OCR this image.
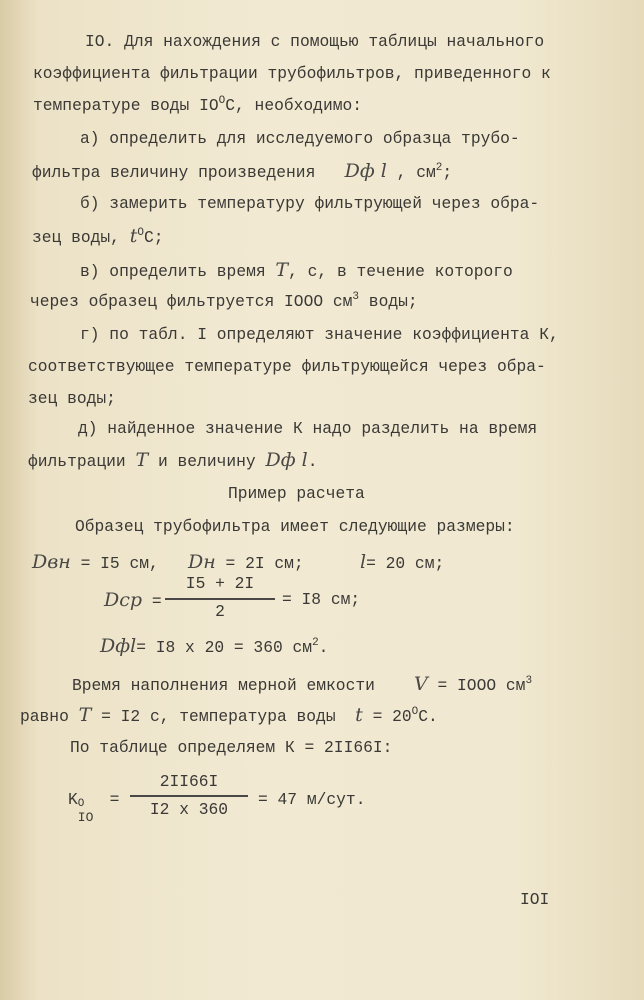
IO. Для нахождения с помощью таблицы начального
коэффициента фильтрации трубофильтров, приведенного к
температуре воды $IO^OC$, необходимо:
а) определить для исследуемого образца трубо-
фильтра величину произведения Dф l , $см^2$;
б) замерить температуру фильтрующей через обра-
зец воды, $t^OC$;
в) определить время T, с, в течение которого
через образец фильтруется IOOO $см^3$ воды;
г) по табл. I определяют значение коэффициента К,
соответствующее температуре фильтрующейся через обра-
зец воды;
д) найденное значение К надо разделить на время
фильтрации T и величину Dф l.
Пример расчета
Образец трубофильтра имеет следующие размеры:
Dвн = I5 см, Dн = 2I см;	l= 20 см;
Dср =
I5 + 2I
2
= I8 см;
Dфl= I8 x 20 = 360 $см^2$.
Время наполнения мерной емкости V = IOOO $см^3$
равно T = I2 с, температура воды $t = 20^OC$.
По таблице определяем К = 2II66I:
K O
IO
=
2II66I
I2 x 360
= 47 м/сут.
IOI
